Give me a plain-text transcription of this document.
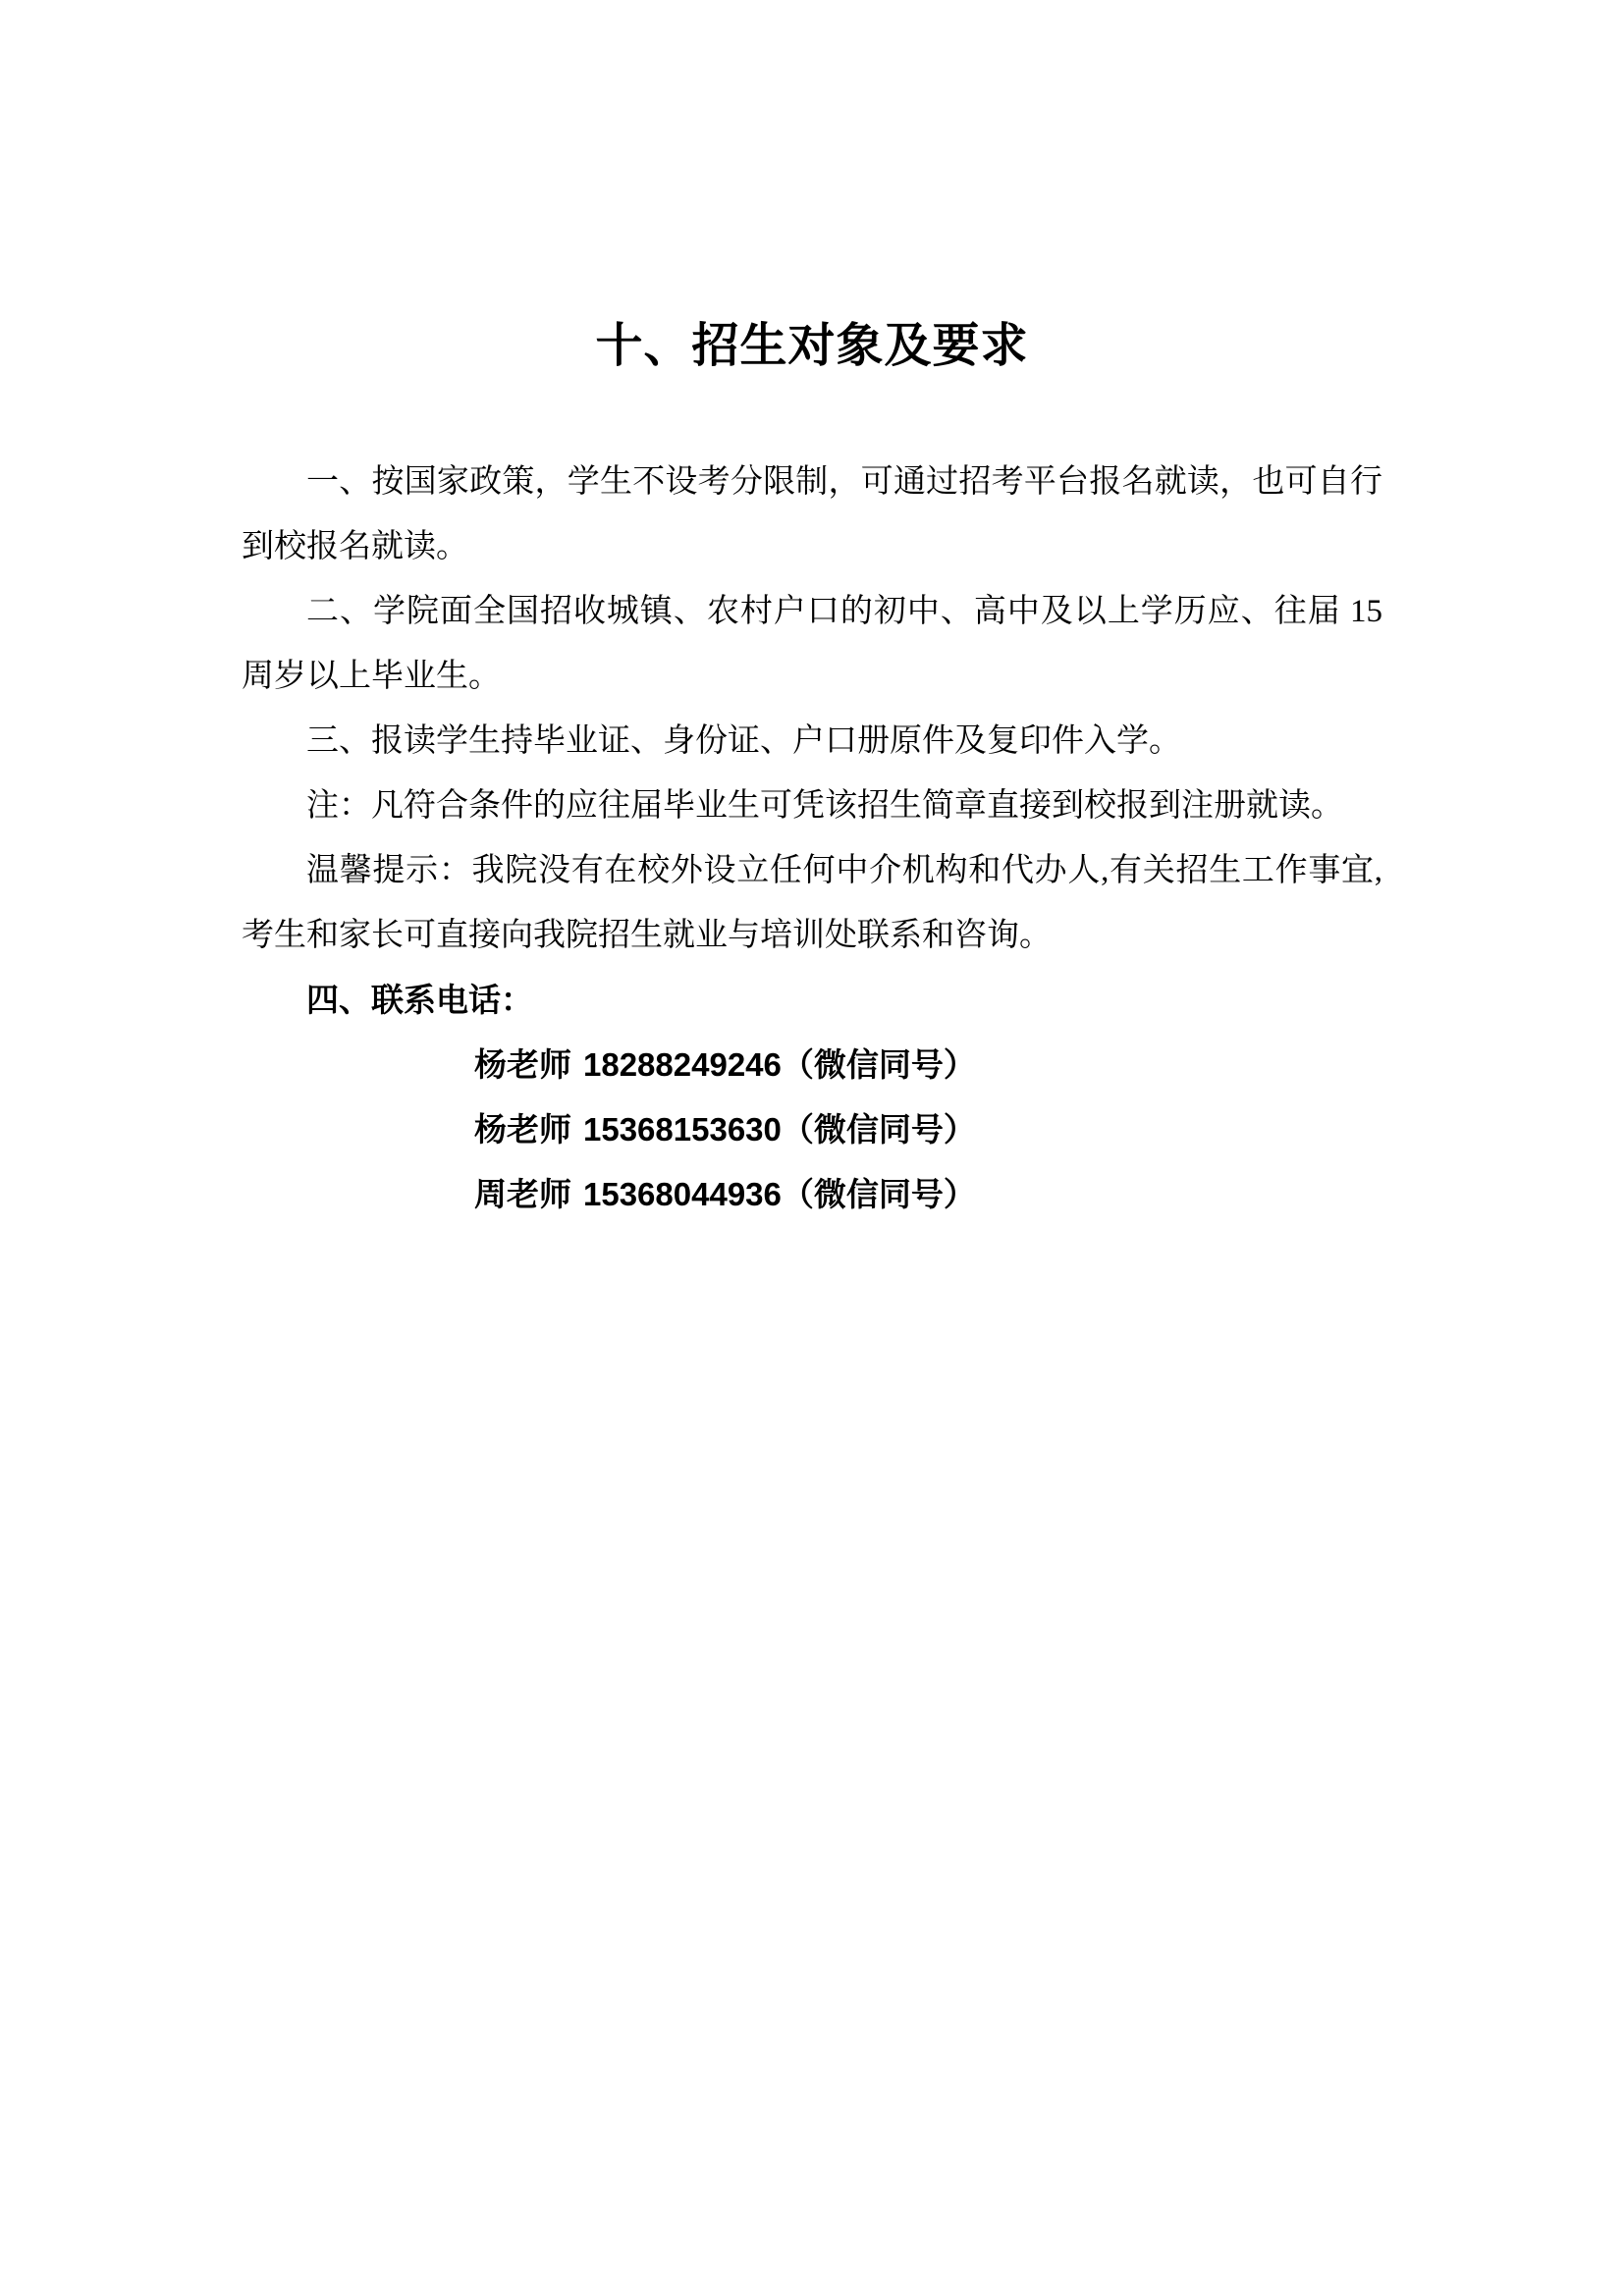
十、招生对象及要求

一、按国家政策，学生不设考分限制，可通过招考平台报名就读，也可自行到校报名就读。

二、学院面全国招收城镇、农村户口的初中、高中及以上学历应、往届 15 周岁以上毕业生。

三、报读学生持毕业证、身份证、户口册原件及复印件入学。

注：凡符合条件的应往届毕业生可凭该招生简章直接到校报到注册就读。

温馨提示：我院没有在校外设立任何中介机构和代办人,有关招生工作事宜,考生和家长可直接向我院招生就业与培训处联系和咨询。

四、联系电话：

杨老师 18288249246（微信同号）
杨老师 15368153630（微信同号）
周老师 15368044936（微信同号）
